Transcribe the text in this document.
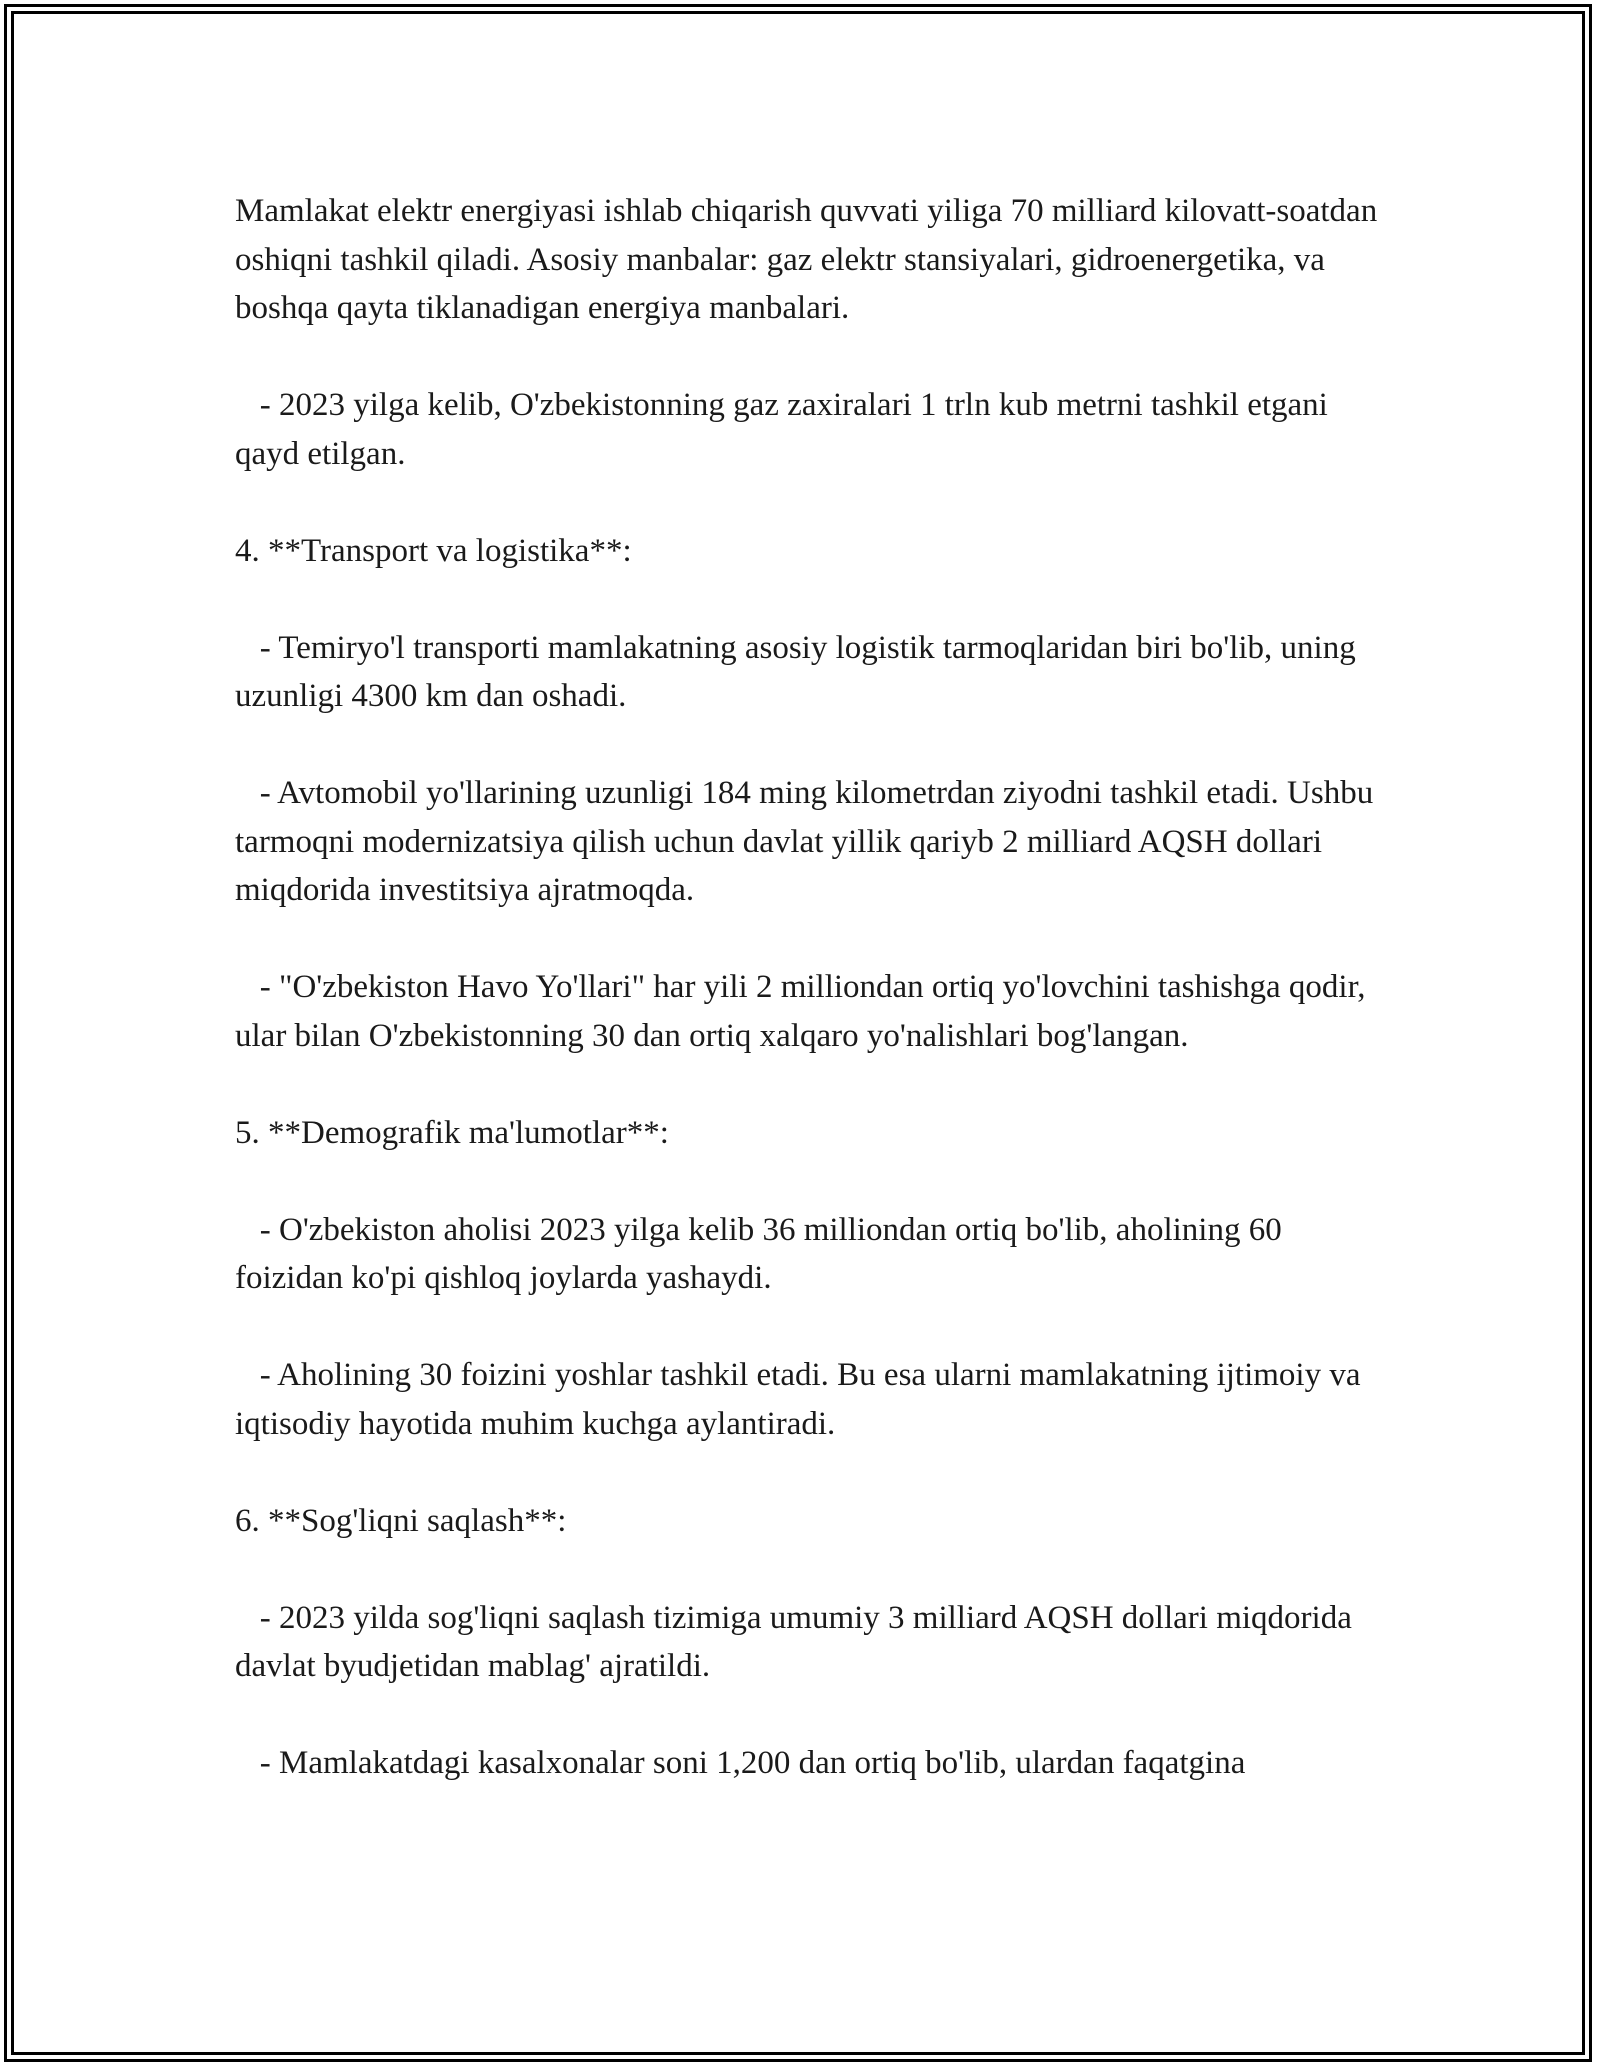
Mamlakat elektr energiyasi ishlab chiqarish quvvati yiliga 70 milliard kilovatt-soatdan oshiqni tashkil qiladi. Asosiy manbalar: gaz elektr stansiyalari, gidroenergetika, va boshqa qayta tiklanadigan energiya manbalari.

- 2023 yilga kelib, O'zbekistonning gaz zaxiralari 1 trln kub metrni tashkil etgani qayd etilgan.

4. **Transport va logistika**:

- Temiryo'l transporti mamlakatning asosiy logistik tarmoqlaridan biri bo'lib, uning uzunligi 4300 km dan oshadi.

- Avtomobil yo'llarining uzunligi 184 ming kilometrdan ziyodni tashkil etadi. Ushbu tarmoqni modernizatsiya qilish uchun davlat yillik qariyb 2 milliard AQSH dollari miqdorida investitsiya ajratmoqda.

- "O'zbekiston Havo Yo'llari" har yili 2 milliondan ortiq yo'lovchini tashishga qodir, ular bilan O'zbekistonning 30 dan ortiq xalqaro yo'nalishlari bog'langan.

5. **Demografik ma'lumotlar**:

- O'zbekiston aholisi 2023 yilga kelib 36 milliondan ortiq bo'lib, aholining 60 foizidan ko'pi qishloq joylarda yashaydi.

- Aholining 30 foizini yoshlar tashkil etadi. Bu esa ularni mamlakatning ijtimoiy va iqtisodiy hayotida muhim kuchga aylantiradi.

6. **Sog'liqni saqlash**:

- 2023 yilda sog'liqni saqlash tizimiga umumiy 3 milliard AQSH dollari miqdorida davlat byudjetidan mablag' ajratildi.

- Mamlakatdagi kasalxonalar soni 1,200 dan ortiq bo'lib, ulardan faqatgina
